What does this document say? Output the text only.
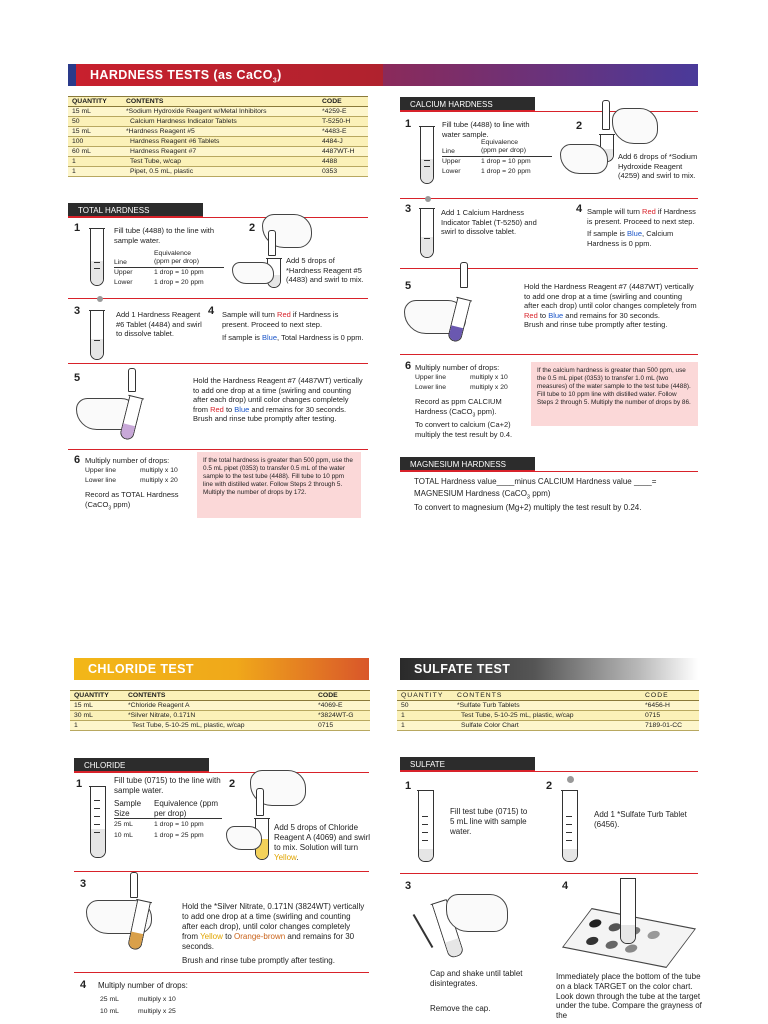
HARDNESS TESTS (as CaCO$_3$)
QUANTITY	CONTENTS	CODE
15 mL	*Sodium Hydroxide Reagent w/Metal Inhibitors	*4259-E
50	Calcium Hardness Indicator Tablets	T-5250-H
15 mL	*Hardness Reagent #5	*4483-E
100	Hardness Reagent #6 Tablets	4484-J
60 mL	Hardness Reagent #7	4487WT-H
1	Test Tube, w/cap	4488
1	Pipet, 0.5 mL, plastic	0353
TOTAL HARDNESS
1	Fill tube (4488) to the line with sample water.
Equivalence
(ppm per drop)
Line
Upper	1 drop = 10 ppm
Lower	1 drop = 20 ppm
2
Add 5 drops of *Hardness Reagent #5 (4483) and swirl to mix.
3	Add 1 Hardness Reagent #6 Tablet (4484) and swirl to dissolve tablet.
4 Sample will turn Red if Hardness is present. Proceed to next step.
If sample is Blue, Total Hardness is 0 ppm.
5	Hold the Hardness Reagent #7 (4487WT) vertically to add one drop at a time (swirling and counting after each drop) until color changes completely from Red to Blue and remains for 30 seconds.
Brush and rinse tube promptly after testing.
6 Multiply number of drops:
Upper line	multiply x 10
Lower line	multiply x 20
Record as TOTAL Hardness (CaCO$_3$ ppm)
If the total hardness is greater than 500 ppm, use the 0.5 mL pipet (0353) to transfer 0.5 mL of the water sample to the test tube (4488). Fill tube to 10 ppm line with distilled water. Follow Steps 2 through 5. Multiply the number of drops by 172.
CALCIUM HARDNESS
1	Fill tube (4488) to line with water sample.
Equivalence
(ppm per drop)
Line
Upper	1 drop = 10 ppm
Lower	1 drop = 20 ppm
2
Add 6 drops of *Sodium Hydroxide Reagent (4259) and swirl to mix.
3	Add 1 Calcium Hardness Indicator Tablet (T-5250) and swirl to dissolve tablet.
4 Sample will turn Red if Hardness is present. Proceed to next step.
If sample is Blue, Calcium Hardness is 0 ppm.
5	Hold the Hardness Reagent #7 (4487WT) vertically to add one drop at a time (swirling and counting after each drop) until color changes completely from Red to Blue and remains for 30 seconds.
Brush and rinse tube promptly after testing.
6 Multiply number of drops:
Upper line	multiply x 10
Lower line	multiply x 20
Record as ppm CALCIUM Hardness (CaCO$_3$ ppm).
To convert to calcium (Ca+2) multiply the test result by 0.4.
If the calcium hardness is greater than 500 ppm, use the 0.5 mL pipet (0353) to transfer 1.0 mL (two measures) of the water sample to the test tube (4488). Fill tube to 10 ppm line with distilled water. Follow Steps 2 through 5. Multiply the number of drops by 86.
MAGNESIUM HARDNESS
TOTAL Hardness value____minus CALCIUM Hardness value ____=
MAGNESIUM Hardness (CaCO$_3$ ppm)
To convert to magnesium (Mg+2) multiply the test result by 0.24.
CHLORIDE TEST
QUANTITY	CONTENTS	CODE
15 mL	*Chloride Reagent A	*4069-E
30 mL	*Silver Nitrate, 0.171N	*3824WT-G
1	Test Tube, 5-10-25 mL, plastic, w/cap	0715
CHLORIDE
1	Fill tube (0715) to the line with sample water.
Sample Size
Equivalence (ppm per drop)
25 mL	1 drop = 10 ppm
10 mL	1 drop = 25 ppm
2
Add 5 drops of Chloride Reagent A (4069) and swirl to mix. Solution will turn Yellow.
3
Hold the *Silver Nitrate, 0.171N (3824WT) vertically to add one drop at a time (swirling and counting after each drop), until color changes completely from Yellow to Orange-brown and remains for 30 seconds.
Brush and rinse tube promptly after testing.
4 Multiply number of drops:
25 mL	multiply x 10
10 mL	multiply x 25
SULFATE TEST
QUANTITY	CONTENTS	CODE
50	*Sulfate Turb Tablets	*6456-H
1	Test Tube, 5-10-25 mL, plastic, w/cap	0715
1	Sulfate Color Chart	7189-01-CC
SULFATE
1
Fill test tube (0715) to 5 mL line with sample water.
2
Add 1 *Sulfate Turb Tablet (6456).
3
Cap and shake until tablet disintegrates.
Remove the cap.
4
Immediately place the bottom of the tube on a black TARGET on the color chart. Look down through the tube at the target under the tube. Compare the grayness of the
